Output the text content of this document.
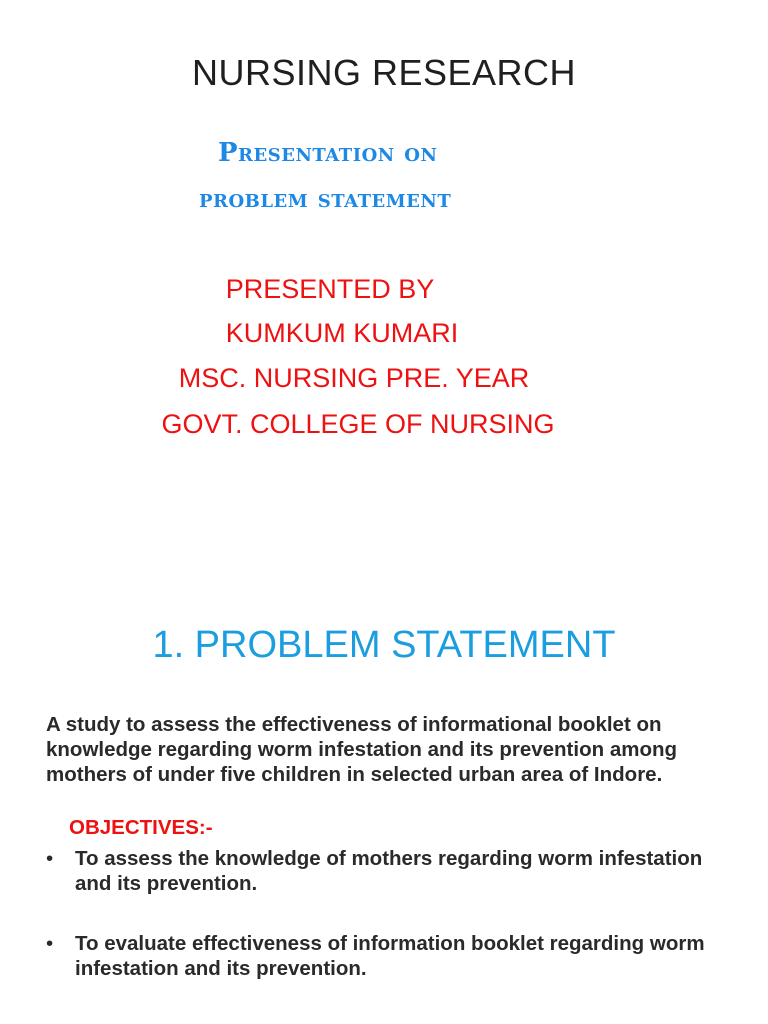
NURSING RESEARCH
Presentation on
problem statement
PRESENTED BY
KUMKUM KUMARI
MSC. NURSING PRE. YEAR
GOVT. COLLEGE OF NURSING
1. PROBLEM STATEMENT
A study to assess the effectiveness of informational booklet on knowledge regarding worm infestation and its prevention among mothers of under five children in selected urban area of Indore.
OBJECTIVES:-
•	To assess the knowledge of mothers regarding worm infestation and its prevention.
•	To evaluate effectiveness of information booklet regarding worm infestation and its prevention.
